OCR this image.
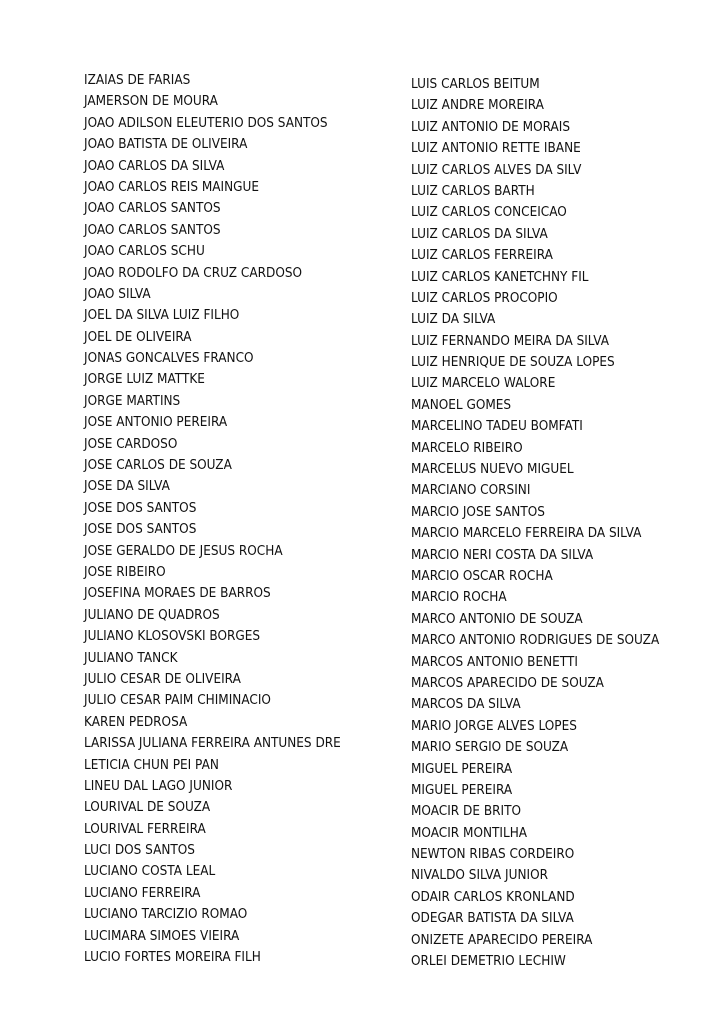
IZAIAS DE FARIAS
JAMERSON DE MOURA
JOAO ADILSON ELEUTERIO DOS SANTOS
JOAO BATISTA DE OLIVEIRA
JOAO CARLOS DA SILVA
JOAO CARLOS REIS MAINGUE
JOAO CARLOS SANTOS
JOAO CARLOS SANTOS
JOAO CARLOS SCHU
JOAO RODOLFO DA CRUZ CARDOSO
JOAO SILVA
JOEL DA SILVA LUIZ FILHO
JOEL DE OLIVEIRA
JONAS GONCALVES FRANCO
JORGE LUIZ MATTKE
JORGE MARTINS
JOSE ANTONIO PEREIRA
JOSE CARDOSO
JOSE CARLOS DE SOUZA
JOSE DA SILVA
JOSE DOS SANTOS
JOSE DOS SANTOS
JOSE GERALDO DE JESUS ROCHA
JOSE RIBEIRO
JOSEFINA MORAES DE BARROS
JULIANO DE QUADROS
JULIANO KLOSOVSKI BORGES
JULIANO TANCK
JULIO CESAR DE OLIVEIRA
JULIO CESAR PAIM CHIMINACIO
KAREN PEDROSA
LARISSA JULIANA FERREIRA ANTUNES DRE
LETICIA CHUN PEI PAN
LINEU DAL LAGO JUNIOR
LOURIVAL DE SOUZA
LOURIVAL FERREIRA
LUCI DOS SANTOS
LUCIANO COSTA LEAL
LUCIANO FERREIRA
LUCIANO TARCIZIO ROMAO
LUCIMARA SIMOES VIEIRA
LUCIO FORTES MOREIRA FILH
LUIS CARLOS BEITUM
LUIZ ANDRE MOREIRA
LUIZ ANTONIO DE MORAIS
LUIZ ANTONIO RETTE IBANE
LUIZ CARLOS ALVES DA SILV
LUIZ CARLOS BARTH
LUIZ CARLOS CONCEICAO
LUIZ CARLOS DA SILVA
LUIZ CARLOS FERREIRA
LUIZ CARLOS KANETCHNY FIL
LUIZ CARLOS PROCOPIO
LUIZ DA SILVA
LUIZ FERNANDO MEIRA DA SILVA
LUIZ HENRIQUE DE SOUZA LOPES
LUIZ MARCELO WALORE
MANOEL GOMES
MARCELINO TADEU BOMFATI
MARCELO RIBEIRO
MARCELUS NUEVO MIGUEL
MARCIANO CORSINI
MARCIO JOSE SANTOS
MARCIO MARCELO FERREIRA DA SILVA
MARCIO NERI COSTA DA SILVA
MARCIO OSCAR ROCHA
MARCIO ROCHA
MARCO ANTONIO DE SOUZA
MARCO ANTONIO RODRIGUES DE SOUZA
MARCOS ANTONIO BENETTI
MARCOS APARECIDO DE SOUZA
MARCOS DA SILVA
MARIO JORGE ALVES LOPES
MARIO SERGIO DE SOUZA
MIGUEL PEREIRA
MIGUEL PEREIRA
MOACIR DE BRITO
MOACIR MONTILHA
NEWTON RIBAS CORDEIRO
NIVALDO SILVA JUNIOR
ODAIR CARLOS KRONLAND
ODEGAR BATISTA DA SILVA
ONIZETE APARECIDO PEREIRA
ORLEI DEMETRIO LECHIW
